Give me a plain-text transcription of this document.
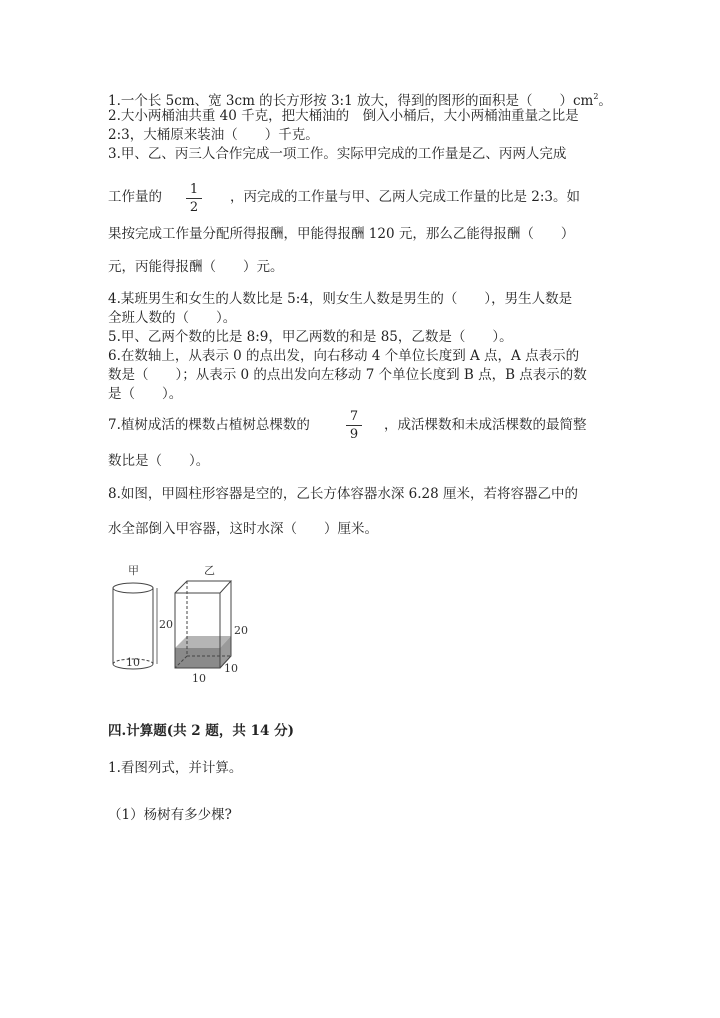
1.一个长 5cm、宽 3cm 的长方形按 3:1 放大，得到的图形的面积是（　　）$cm^2$。
2.大小两桶油共重 40 千克，把大桶油的　倒入小桶后，大小两桶油重量之比是
2:3，大桶原来装油（　　）千克。
3.甲、乙、丙三人合作完成一项工作。实际甲完成的工作量是乙、丙两人完成
工作量的 1
2
，丙完成的工作量与甲、乙两人完成工作量的比是 2:3。如
果按完成工作量分配所得报酬，甲能得报酬 120 元，那么乙能得报酬（　　）
元，丙能得报酬（　　）元。
4.某班男生和女生的人数比是 5:4，则女生人数是男生的（　　），男生人数是
全班人数的（　　）。
5.甲、乙两个数的比是 8:9，甲乙两数的和是 85，乙数是（　　）。
6.在数轴上，从表示 0 的点出发，向右移动 4 个单位长度到 A 点，A 点表示的
数是（　　）；从表示 0 的点出发向左移动 7 个单位长度到 B 点，B 点表示的数
是（　　）。
7.植树成活的棵数占植树总棵数的
7
9
，成活棵数和未成活棵数的最简整
数比是（　　）。
8.如图，甲圆柱形容器是空的，乙长方体容器水深 6.28 厘米，若将容器乙中的
水全部倒入甲容器，这时水深（　　）厘米。
甲
20
10
乙
20
10
10
四.计算题(共 2 题，共 14 分)
1.看图列式，并计算。
（1）杨树有多少棵?
